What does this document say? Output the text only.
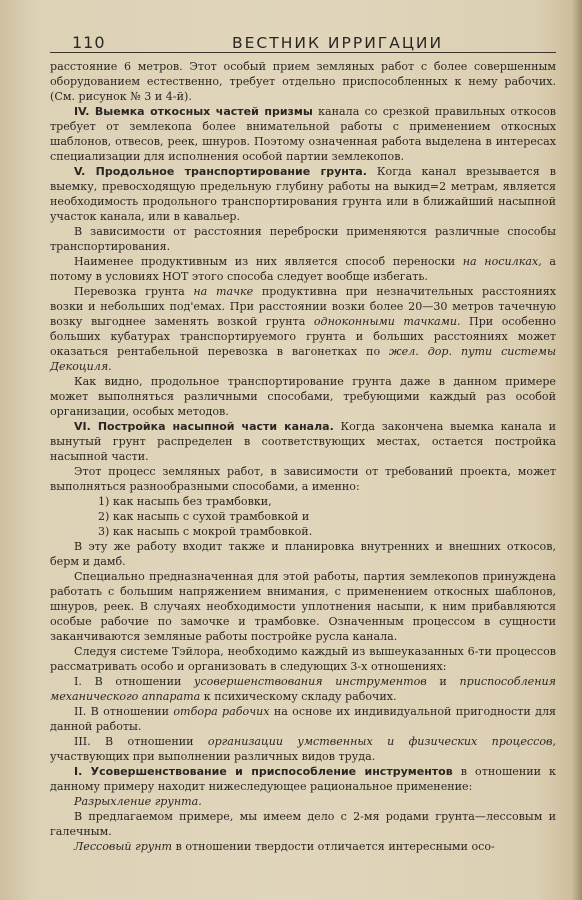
110	ВЕСТНИК ИРРИГАЦИИ

расстояние 6 метров. Этот особый прием земляных работ с более совершенным оборудованием естественно, требует отдельно приспособленных к нему рабочих. (См. рисунок № 3 и 4-й).

IV. Выемка откосных частей призмы канала со срезкой правильных откосов требует от землекопа более внимательной работы с применением откосных шаблонов, отвесов, реек, шнуров. Поэтому означенная работа выделена в интересах специализации для исполнения особой партии землекопов.

V. Продольное транспортирование грунта. Когда канал врезывается в выемку, превосходящую предельную глубину работы на выкид=2 метрам, является необходимость продольного транспортирования грунта или в ближайший насыпной участок канала, или в кавальер.

В зависимости от расстояния переброски применяются различные способы транспортирования.

Наименее продуктивным из них является способ переноски на носилках, а потому в условиях НОТ этого способа следует вообще избегать.

Перевозка грунта на тачке продуктивна при незначительных расстояниях возки и небольших под'емах. При расстоянии возки более 20—30 метров тачечную возку выгоднее заменять возкой грунта одноконными тачками. При особенно больших кубатурах транспортируемого грунта и больших расстояниях может оказаться рентабельной перевозка в вагонетках по жел. дор. пути системы Декоциля.

Как видно, продольное транспортирование грунта даже в данном примере может выполняться различными способами, требующими каждый раз особой организации, особых методов.

VI. Постройка насыпной части канала. Когда закончена выемка канала и вынутый грунт распределен в соответствующих местах, остается постройка насыпной части.

Этот процесс земляных работ, в зависимости от требований проекта, может выполняться разнообразными способами, а именно:

1) как насыпь без трамбовки,

2) как насыпь с сухой трамбовкой и

3) как насыпь с мокрой трамбовкой.

В эту же работу входит также и планировка внутренних и внешних откосов, берм и дамб.

Специально предназначенная для этой работы, партия землекопов принуждена работать с большим напряжением внимания, с применением откосных шаблонов, шнуров, реек. В случаях необходимости уплотнения насыпи, к ним прибавляются особые рабочие по замочке и трамбовке. Означенным процессом в сущности заканчиваются земляные работы постройке русла канала.

Следуя системе Тэйлора, необходимо каждый из вышеуказанных 6-ти процессов рассматривать особо и организовать в следующих 3-х отношениях:

I. В отношении усовершенствования инструментов и приспособления механического аппарата к психическому складу рабочих.

II. В отношении отбора рабочих на основе их индивидуальной пригодности для данной работы.

III. В отношении организации умственных и физических процессов, участвующих при выполнении различных видов труда.

I. Усовершенствование и приспособление инструментов в отношении к данному примеру находит нижеследующее рациональное применение:

Разрыхление грунта.

В предлагаемом примере, мы имеем дело с 2-мя родами грунта—лессовым и галечным.

Лессовый грунт в отношении твердости отличается интересными осо-
